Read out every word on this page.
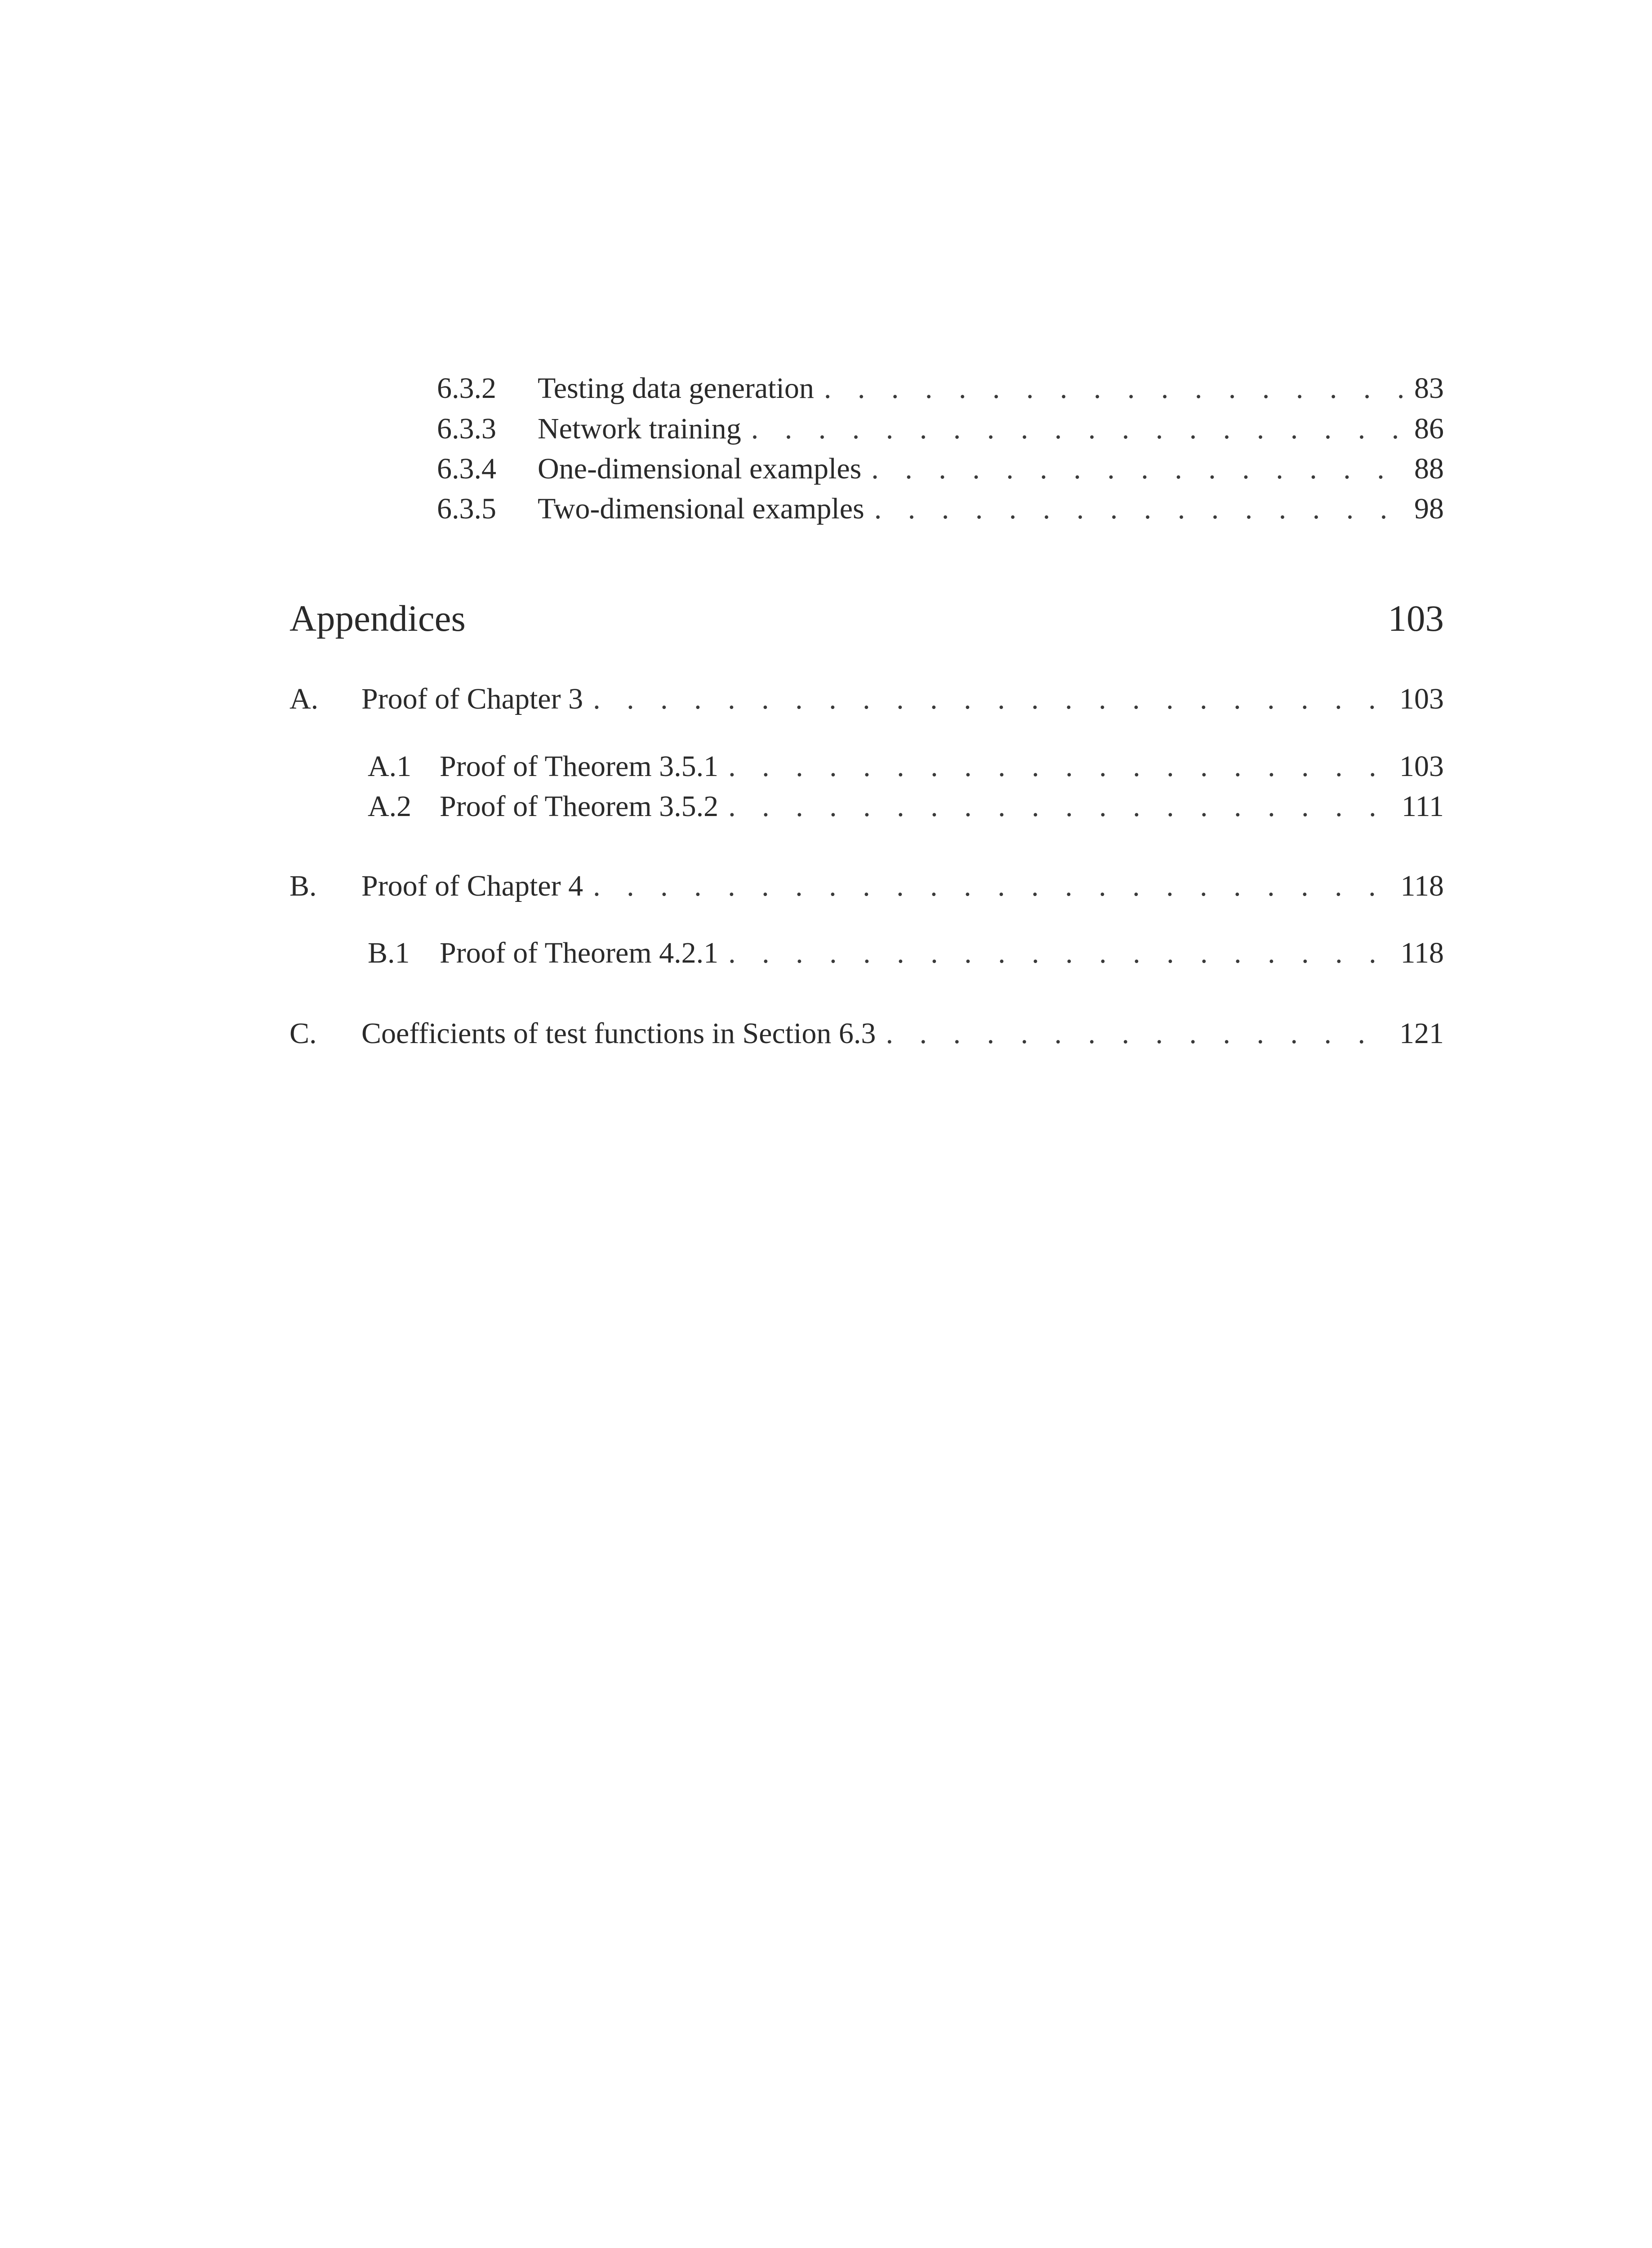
6.3.2	Testing data generation . . .	83
6.3.3	Network training . . .	86
6.3.4	One-dimensional examples . . .	88
6.3.5	Two-dimensional examples . . .	98
Appendices	103
A.	Proof of Chapter 3 . . .	103
A.1 Proof of Theorem 3.5.1 . . .	103
A.2 Proof of Theorem 3.5.2 . . .	111
B.	Proof of Chapter 4 . . .	118
B.1	Proof of Theorem 4.2.1 . . .	118
C.	Coefficients of test functions in Section 6.3 . . .	121
